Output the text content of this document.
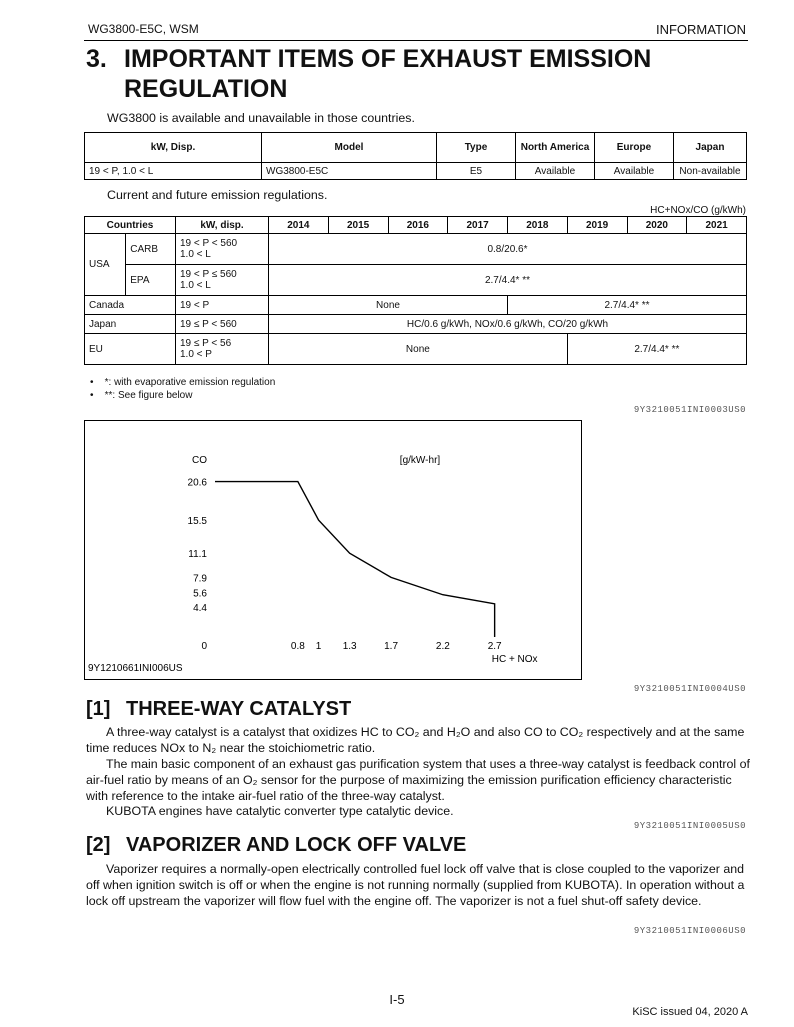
WG3800-E5C, WSM	INFORMATION
3. IMPORTANT ITEMS OF EXHAUST EMISSION REGULATION
WG3800 is available and unavailable in those countries.
kW, Disp.	Model	Type	North America	Europe	Japan
19 < P, 1.0 < L	WG3800-E5C	E5	Available	Available	Non-available
Current and future emission regulations.
HC+NOx/CO (g/kWh)
Countries		kW, disp.	2014	2015	2016	2017	2018	2019	2020	2021
USA	CARB	19 < P < 560
1.0 < L	0.8/20.6*							
	EPA	19 < P ≤ 560
1.0 < L	2.7/4.4* **							
Canada		19 < P	None				2.7/4.4* **			
Japan		19 ≤ P < 560	HC/0.6 g/kWh, NOx/0.6 g/kWh, CO/20 g/kWh							
EU		19 ≤ P < 56
1.0 < P	None					2.7/4.4* **		
•    *: with evaporative emission regulation
•    **: See figure below
9Y3210051INI0003US0
20.6
15.5
11.1
7.9
5.6
4.4
0.8 1 1.3	1.7	2.2	2.7
0
CO
HC + NOx
[g/kW-hr]
9Y1210661INI006US
9Y3210051INI0004US0
[1] THREE-WAY CATALYST
A three-way catalyst is a catalyst that oxidizes HC to CO₂ and H₂O and also CO to CO₂ respectively and at the same time reduces NOx to N₂ near the stoichiometric ratio.
The main basic component of an exhaust gas purification system that uses a three-way catalyst is feedback control of air-fuel ratio by means of an O₂ sensor for the purpose of maximizing the emission purification efficiency characteristic with reference to the intake air-fuel ratio of the three-way catalyst.
KUBOTA engines have catalytic converter type catalytic device.
9Y3210051INI0005US0
[2] VAPORIZER AND LOCK OFF VALVE
Vaporizer requires a normally-open electrically controlled fuel lock off valve that is close coupled to the vaporizer and off when ignition switch is off or when the engine is not running normally (supplied from KUBOTA). In operation without a lock off upstream the vaporizer will flow fuel with the engine off. The vaporizer is not a fuel shut-off safety device.
9Y3210051INI0006US0
I-5
KiSC issued 04, 2020 A
